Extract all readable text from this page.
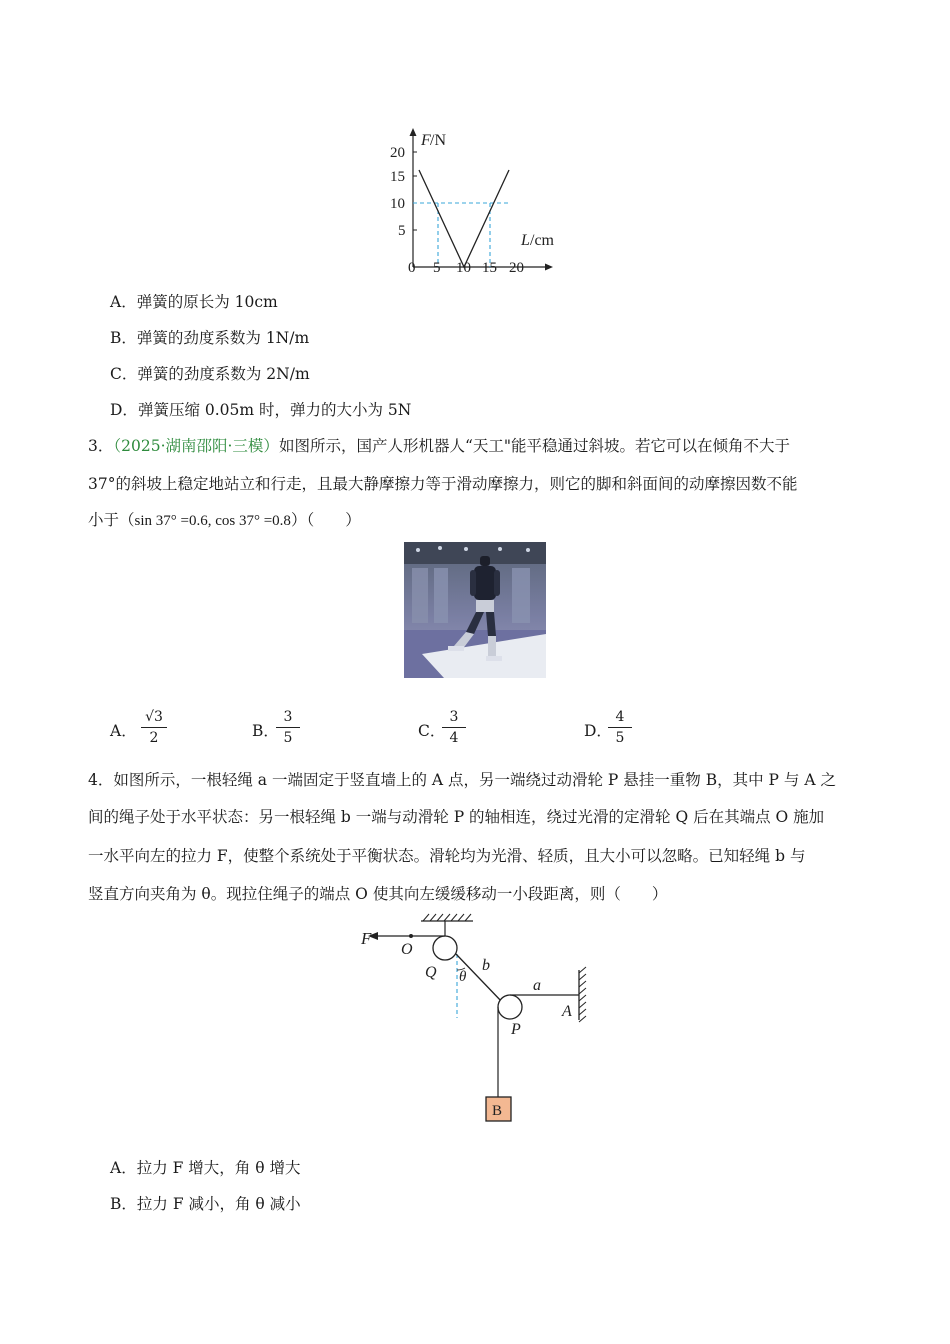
F /N
20
15
10
5
L /cm
0 5 10 15 20
A．弹簧的原长为 10cm
B．弹簧的劲度系数为 1N/m
C．弹簧的劲度系数为 2N/m
D．弹簧压缩 0.05m 时，弹力的大小为 5N
3．（2025·湖南邵阳·三模）如图所示，国产人形机器人“天工"能平稳通过斜坡。若它可以在倾角不大于
37°的斜坡上稳定地站立和行走，且最大静摩擦力等于滑动摩擦力，则它的脚和斜面间的动摩擦因数不能
小于（sin 37° =0.6, cos 37° =0.8）（　　）
A．
√3
2	B．
3
5	C．
3
4	D．
4
5
4．如图所示，一根轻绳 a 一端固定于竖直墙上的 A 点，另一端绕过动滑轮 P 悬挂一重物 B，其中 P 与 A 之
间的绳子处于水平状态：另一根轻绳 b 一端与动滑轮 P 的轴相连，绕过光滑的定滑轮 Q 后在其端点 O 施加
一水平向左的拉力 F，使整个系统处于平衡状态。滑轮均为光滑、轻质，且大小可以忽略。已知轻绳 b 与
竖直方向夹角为 θ。现拉住绳子的端点 O 使其向左缓缓移动一小段距离，则（　　）
F
O
Q θ
b
a
A
P
B
A．拉力 F 增大，角 θ 增大
B．拉力 F 减小，角 θ 减小
